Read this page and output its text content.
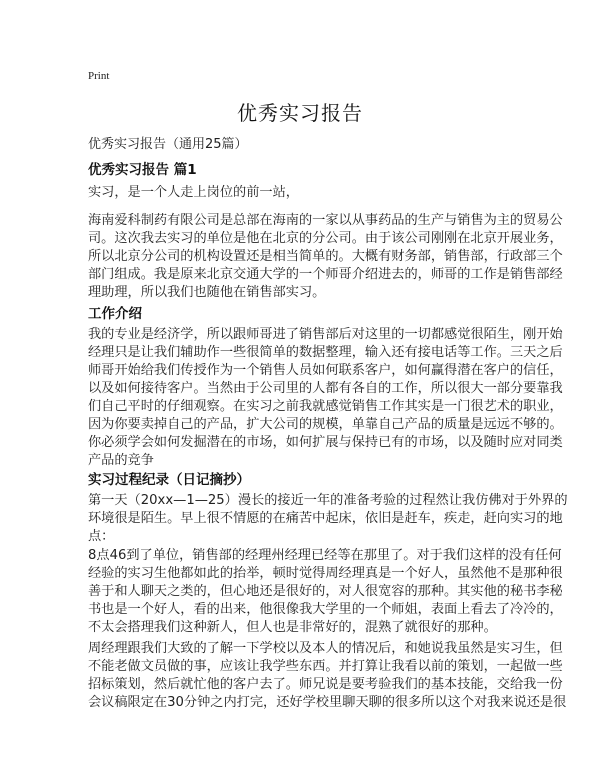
Print
优秀实习报告
优秀实习报告（通用25篇）
优秀实习报告 篇1
实习，是一个人走上岗位的前一站，
海南爱科制药有限公司是总部在海南的一家以从事药品的生产与销售为主的贸易公
司。这次我去实习的单位是他在北京的分公司。由于该公司刚刚在北京开展业务，
所以北京分公司的机构设置还是相当简单的。大概有财务部，销售部，行政部三个
部门组成。我是原来北京交通大学的一个师哥介绍进去的，师哥的工作是销售部经
理助理，所以我们也随他在销售部实习。
工作介绍
我的专业是经济学，所以跟师哥进了销售部后对这里的一切都感觉很陌生，刚开始
经理只是让我们辅助作一些很简单的数据整理，输入还有接电话等工作。三天之后
师哥开始给我们传授作为一个销售人员如何联系客户，如何赢得潜在客户的信任，
以及如何接待客户。当然由于公司里的人都有各自的工作，所以很大一部分要靠我
们自己平时的仔细观察。在实习之前我就感觉销售工作其实是一门很艺术的职业，
因为你要卖掉自己的产品，扩大公司的规模，单靠自己产品的质量是远远不够的。
你必须学会如何发掘潜在的市场，如何扩展与保持已有的市场，以及随时应对同类
产品的竞争
实习过程纪录（日记摘抄）
第一天（20xx—1—25）漫长的接近一年的准备考验的过程然让我仿佛对于外界的
环境很是陌生。早上很不情愿的在痛苦中起床，依旧是赶车，疾走，赶向实习的地
点：
8点46到了单位，销售部的经理州经理已经等在那里了。对于我们这样的没有任何
经验的实习生他都如此的抬举，顿时觉得周经理真是一个好人，虽然他不是那种很
善于和人聊天之类的，但心地还是很好的，对人很宽容的那种。其实他的秘书李秘
书也是一个好人，看的出来，他很像我大学里的一个师姐，表面上看去了冷冷的，
不太会搭理我们这种新人，但人也是非常好的，混熟了就很好的那种。
周经理跟我们大致的了解一下学校以及本人的情况后，和她说我虽然是实习生，但
不能老做文员做的事，应该让我学些东西。并打算让我看以前的策划，一起做一些
招标策划，然后就忙他的客户去了。师兄说是要考验我们的基本技能，交给我一份
会议稿限定在30分钟之内打完，还好学校里聊天聊的很多所以这个对我来说还是很
